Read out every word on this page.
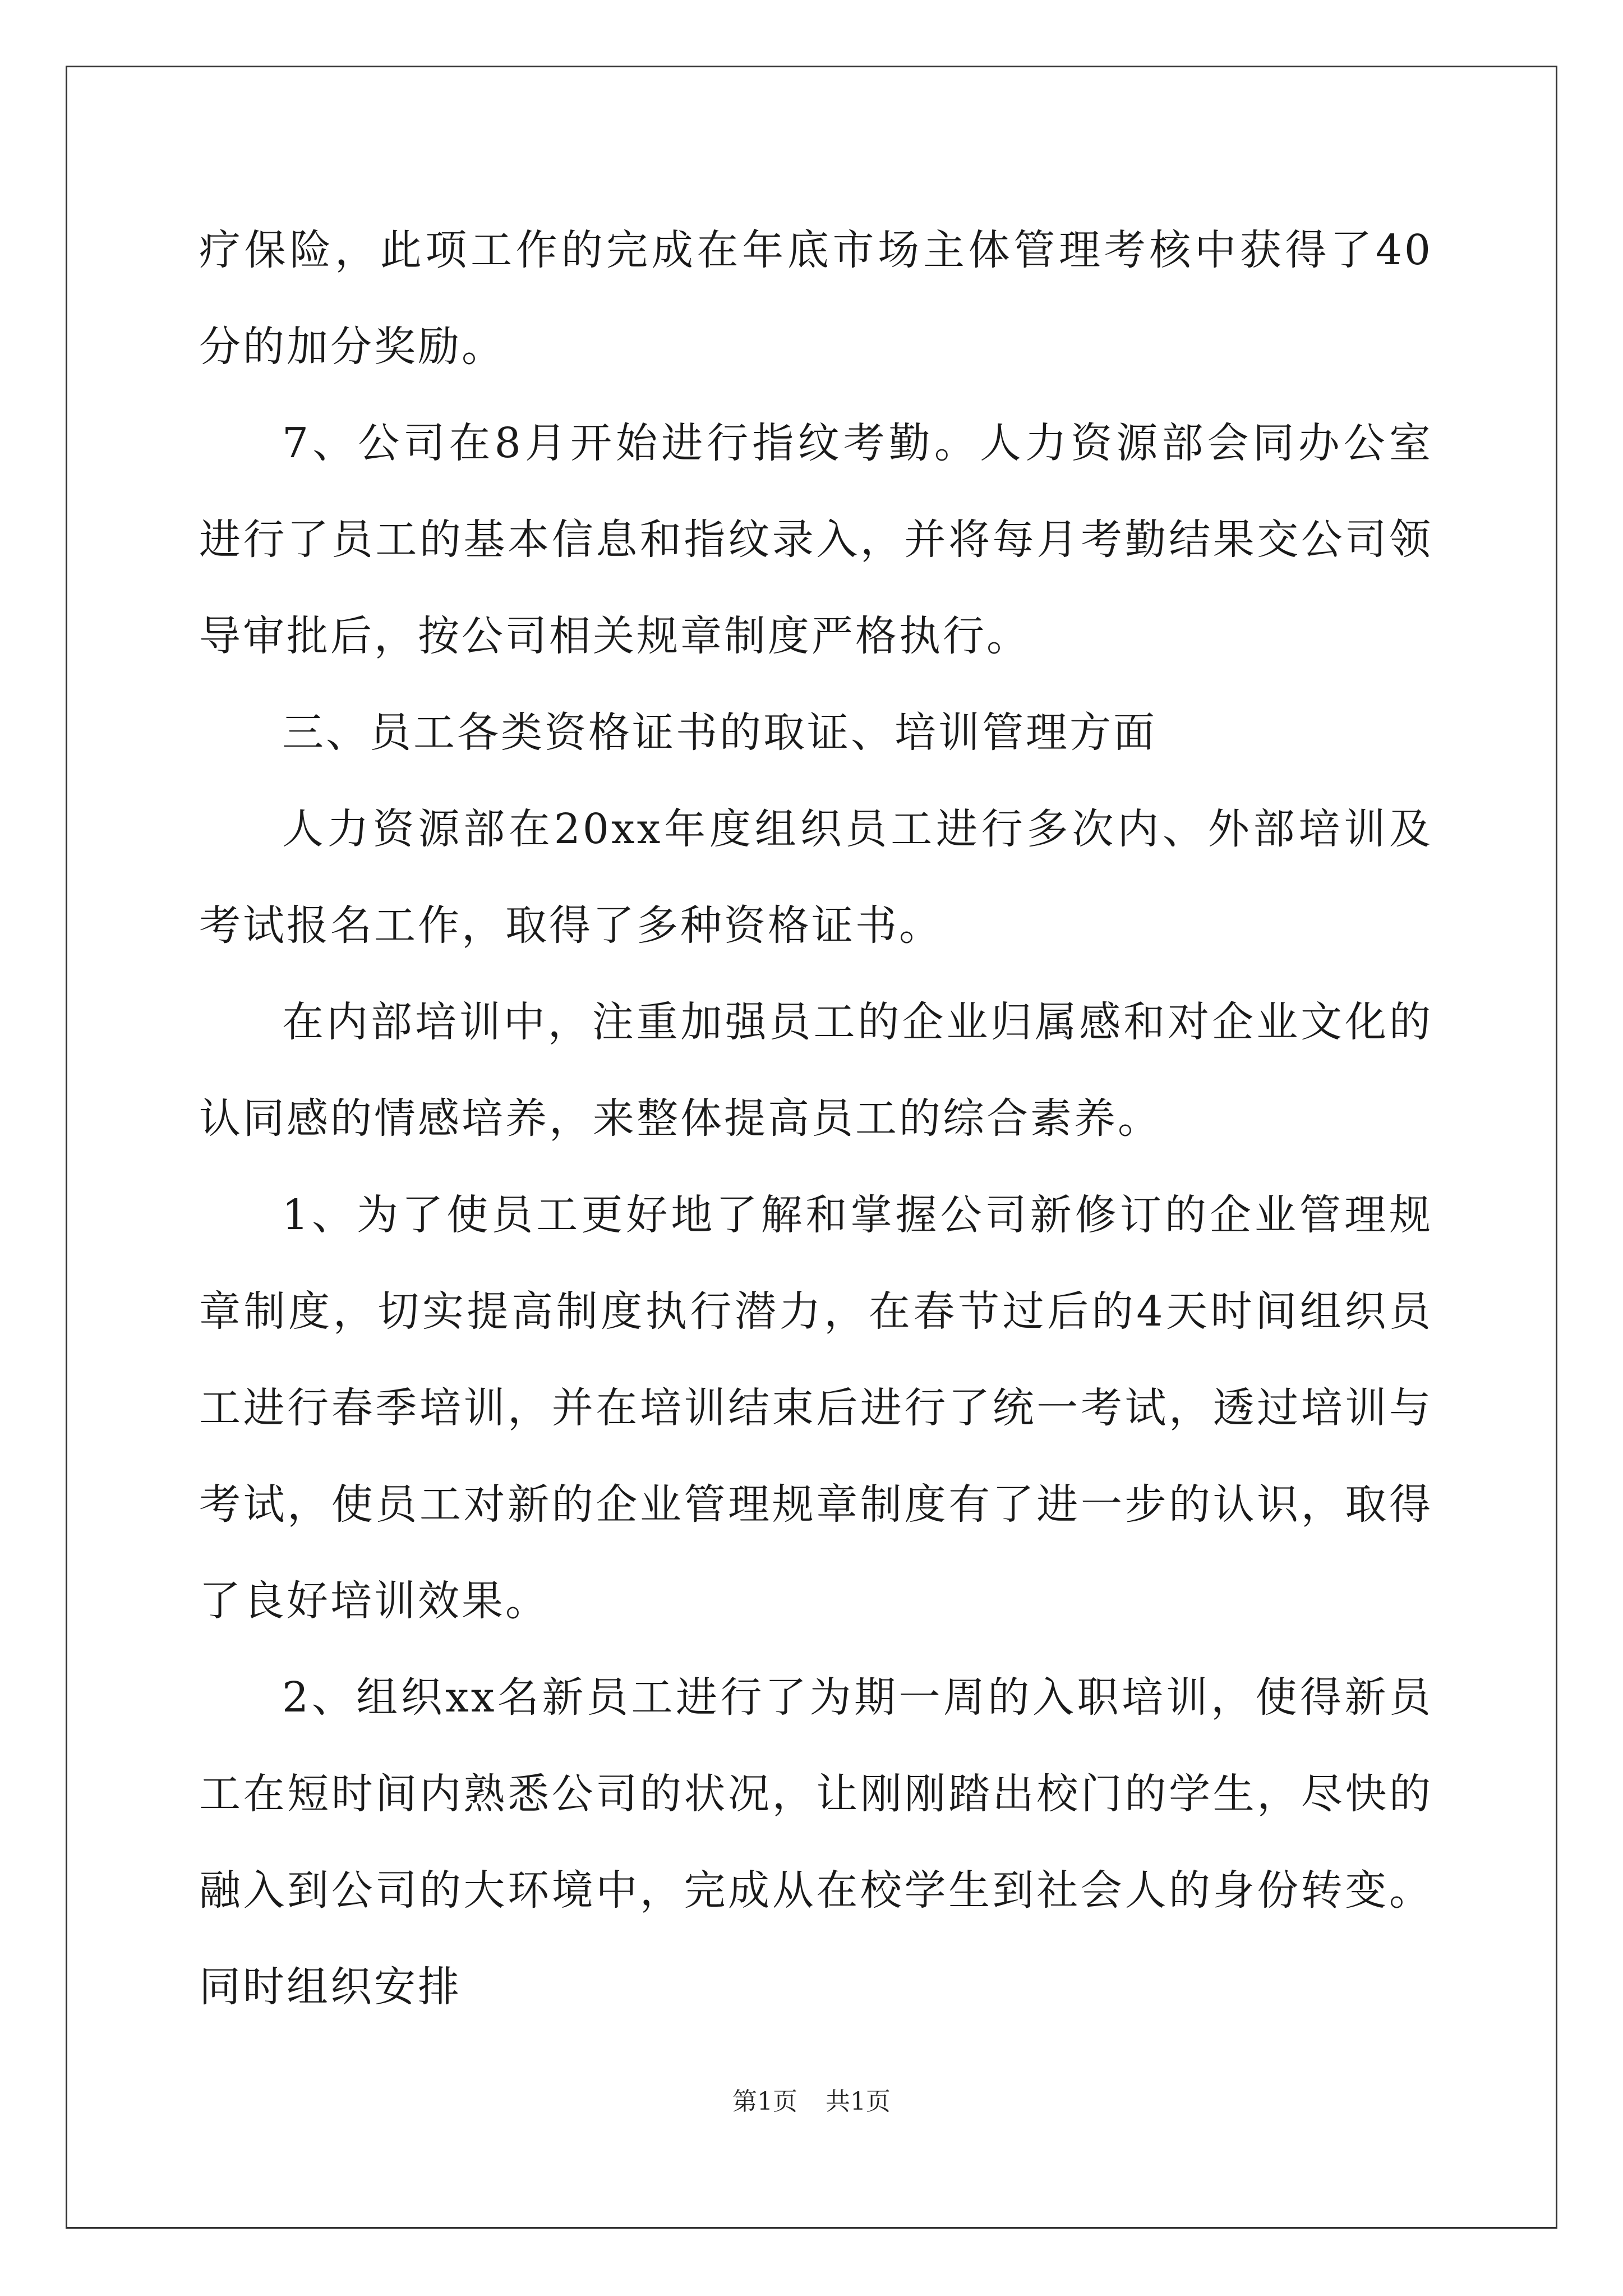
疗保险，此项工作的完成在年底市场主体管理考核中获得了40分的加分奖励。

7、公司在8月开始进行指纹考勤。人力资源部会同办公室进行了员工的基本信息和指纹录入，并将每月考勤结果交公司领导审批后，按公司相关规章制度严格执行。

三、员工各类资格证书的取证、培训管理方面

人力资源部在20xx年度组织员工进行多次内、外部培训及考试报名工作，取得了多种资格证书。

在内部培训中，注重加强员工的企业归属感和对企业文化的认同感的情感培养，来整体提高员工的综合素养。

1、为了使员工更好地了解和掌握公司新修订的企业管理规章制度，切实提高制度执行潜力，在春节过后的4天时间组织员工进行春季培训，并在培训结束后进行了统一考试，透过培训与考试，使员工对新的企业管理规章制度有了进一步的认识，取得了良好培训效果。

2、组织xx名新员工进行了为期一周的入职培训，使得新员工在短时间内熟悉公司的状况，让刚刚踏出校门的学生，尽快的融入到公司的大环境中，完成从在校学生到社会人的身份转变。同时组织安排

第1页 共1页
